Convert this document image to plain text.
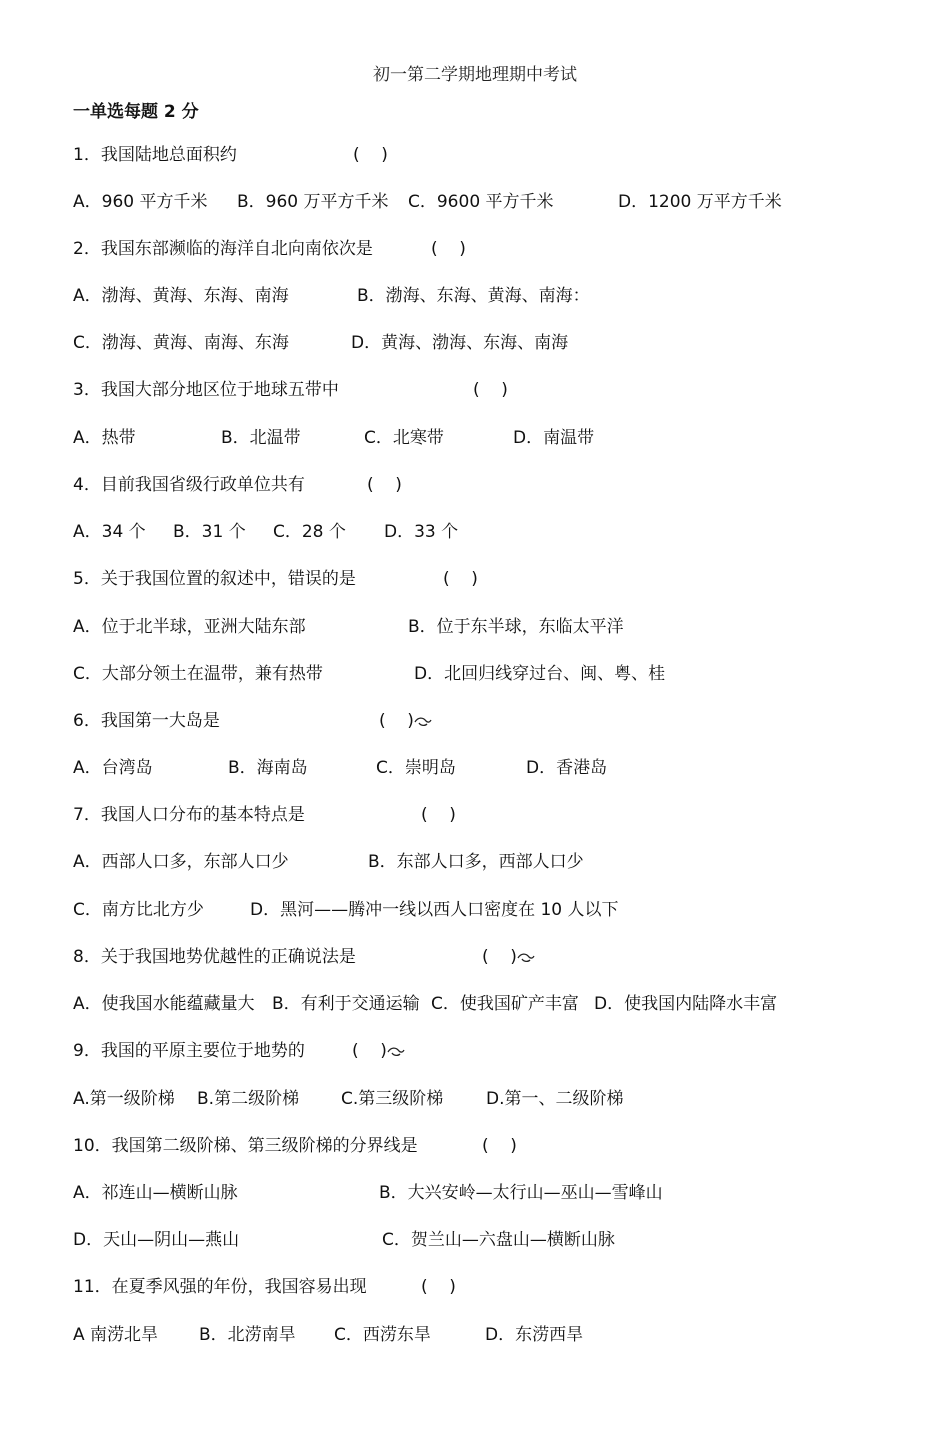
初一第二学期地理期中考试
一单选每题 2 分
1．我国陆地总面积约	(    )
A．960 平方千米 B．960 万平方千米 C．9600 平方千米	D．1200 万平方千米
2．我国东部濒临的海洋自北向南依次是	(    )
A．渤海、黄海、东海、南海	B．渤海、东海、黄海、南海：
C．渤海、黄海、南海、东海	D．黄海、渤海、东海、南海
3．我国大部分地区位于地球五带中	(    )
A．热带	B．北温带	C．北寒带	D．南温带
4．目前我国省级行政单位共有	(    )
A．34 个 B．31 个 C．28 个 D．33 个
5．关于我国位置的叙述中，错误的是	(    )
A．位于北半球，亚洲大陆东部	B．位于东半球，东临太平洋
C．大部分领土在温带，兼有热带	D．北回归线穿过台、闽、粤、桂
6．我国第一大岛是	(    )
A．台湾岛	B．海南岛	C．崇明岛	D．香港岛
7．我国人口分布的基本特点是	(    )
A．西部人口多，东部人口少	B．东部人口多，西部人口少
C．南方比北方少	D．黑河——腾冲一线以西人口密度在 10 人以下
8．关于我国地势优越性的正确说法是	(    )
A．使我国水能蕴藏量大 B．有利于交通运输 C．使我国矿产丰富 D．使我国内陆降水丰富
9．我国的平原主要位于地势的	(    )
A.第一级阶梯 B.第二级阶梯 C.第三级阶梯	D.第一、二级阶梯
10．我国第二级阶梯、第三级阶梯的分界线是	(    )
A．祁连山—横断山脉	B．大兴安岭—太行山—巫山—雪峰山
D．天山—阴山—燕山	C．贺兰山—六盘山—横断山脉
11．在夏季风强的年份，我国容易出现	(    )
A 南涝北旱 B．北涝南旱 C．西涝东旱	D．东涝西旱
